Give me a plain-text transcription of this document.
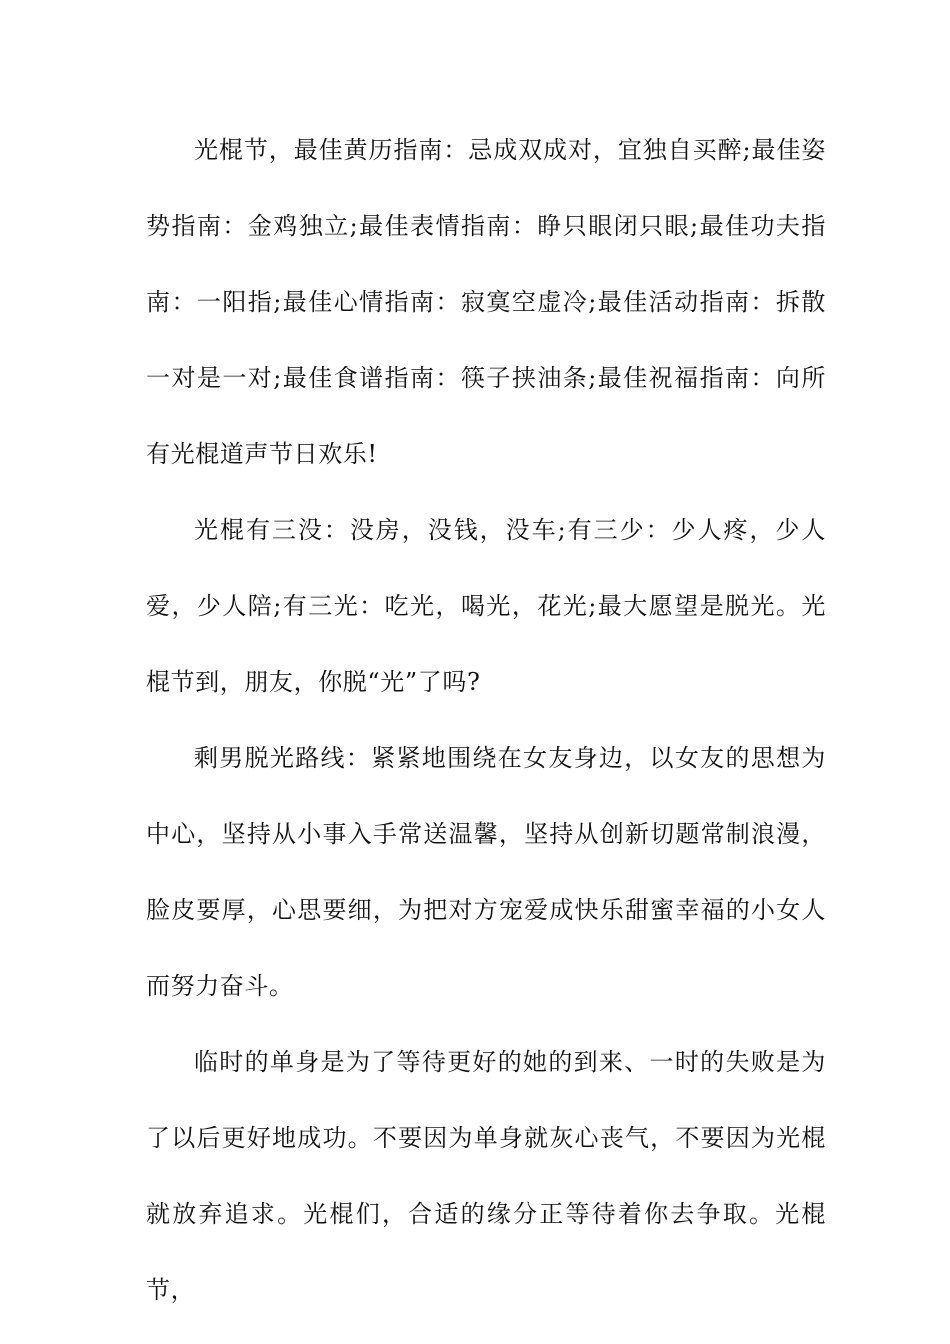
光棍节，最佳黄历指南：忌成双成对，宜独自买醉;最佳姿势指南：金鸡独立;最佳表情指南：睁只眼闭只眼;最佳功夫指南：一阳指;最佳心情指南：寂寞空虚冷;最佳活动指南：拆散一对是一对;最佳食谱指南：筷子挟油条;最佳祝福指南：向所有光棍道声节日欢乐!

光棍有三没：没房，没钱，没车;有三少：少人疼，少人爱，少人陪;有三光：吃光，喝光，花光;最大愿望是脱光。光棍节到，朋友，你脱“光”了吗?

剩男脱光路线：紧紧地围绕在女友身边，以女友的思想为中心，坚持从小事入手常送温馨，坚持从创新切题常制浪漫，脸皮要厚，心思要细，为把对方宠爱成快乐甜蜜幸福的小女人而努力奋斗。

临时的单身是为了等待更好的她的到来、一时的失败是为了以后更好地成功。不要因为单身就灰心丧气，不要因为光棍就放弃追求。光棍们，合适的缘分正等待着你去争取。光棍节，
